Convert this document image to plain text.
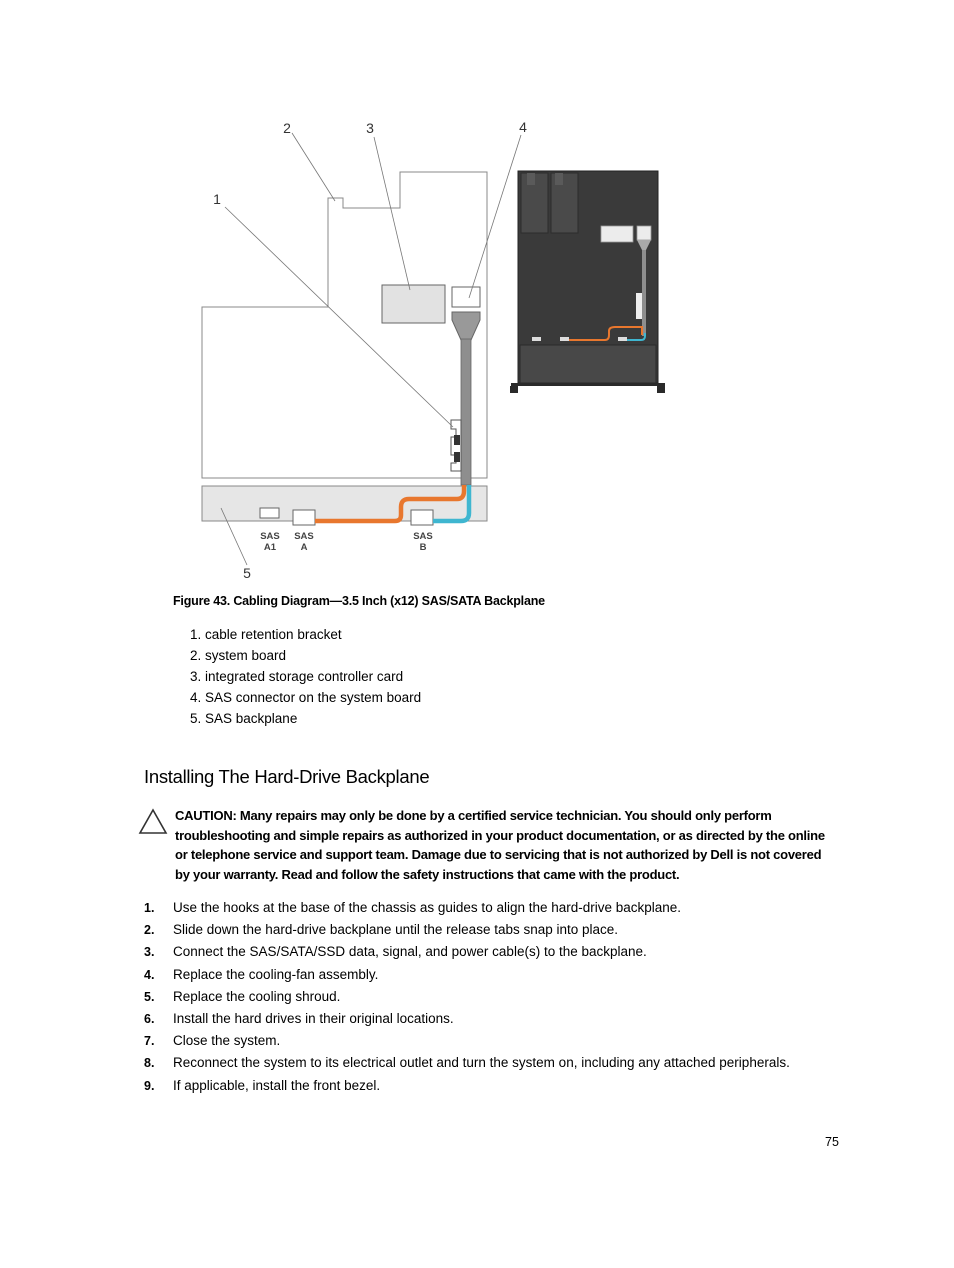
SAS
A1
SAS
A
SAS
B
1
2	3	4
5
Figure 43. Cabling Diagram—3.5 Inch (x12) SAS/SATA Backplane
1. cable retention bracket
2. system board
3. integrated storage controller card
4. SAS connector on the system board
5. SAS backplane
Installing The Hard-Drive Backplane
CAUTION: Many repairs may only be done by a certified service technician. You should only perform troubleshooting and simple repairs as authorized in your product documentation, or as directed by the online or telephone service and support team. Damage due to servicing that is not authorized by Dell is not covered by your warranty. Read and follow the safety instructions that came with the product.
1.	Use the hooks at the base of the chassis as guides to align the hard-drive backplane.
2.	Slide down the hard-drive backplane until the release tabs snap into place.
3.	Connect the SAS/SATA/SSD data, signal, and power cable(s) to the backplane.
4.	Replace the cooling-fan assembly.
5.	Replace the cooling shroud.
6.	Install the hard drives in their original locations.
7.	Close the system.
8.	Reconnect the system to its electrical outlet and turn the system on, including any attached peripherals.
9.	If applicable, install the front bezel.
75
